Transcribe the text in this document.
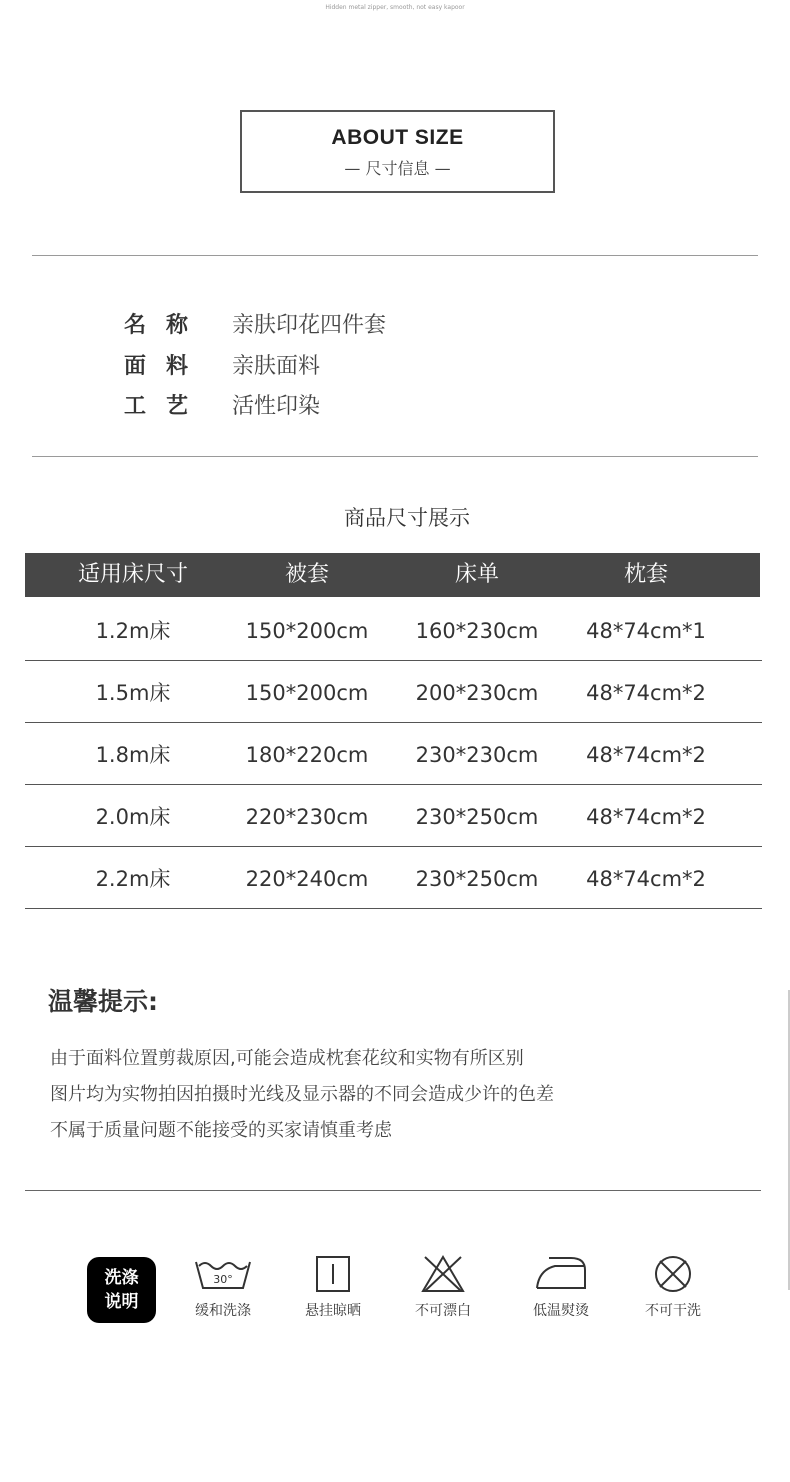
Hidden metal zipper, smooth, not easy kapoor
ABOUT SIZE
— 尺寸信息 —
名称 亲肤印花四件套
面料 亲肤面料
工艺 活性印染
商品尺寸展示
适用床尺寸	被套	床单	枕套
1.2m床	150*200cm	160*230cm	48*74cm*1
1.5m床	150*200cm	200*230cm	48*74cm*2
1.8m床	180*220cm	230*230cm	48*74cm*2
2.0m床	220*230cm	230*250cm	48*74cm*2
2.2m床	220*240cm	230*250cm	48*74cm*2
温馨提示:
由于面料位置剪裁原因,可能会造成枕套花纹和实物有所区别
图片均为实物拍因拍摄时光线及显示器的不同会造成少许的色差
不属于质量问题不能接受的买家请慎重考虑
洗涤
说明
30°
缓和洗涤	悬挂晾晒	不可漂白	低温熨烫	不可干洗
